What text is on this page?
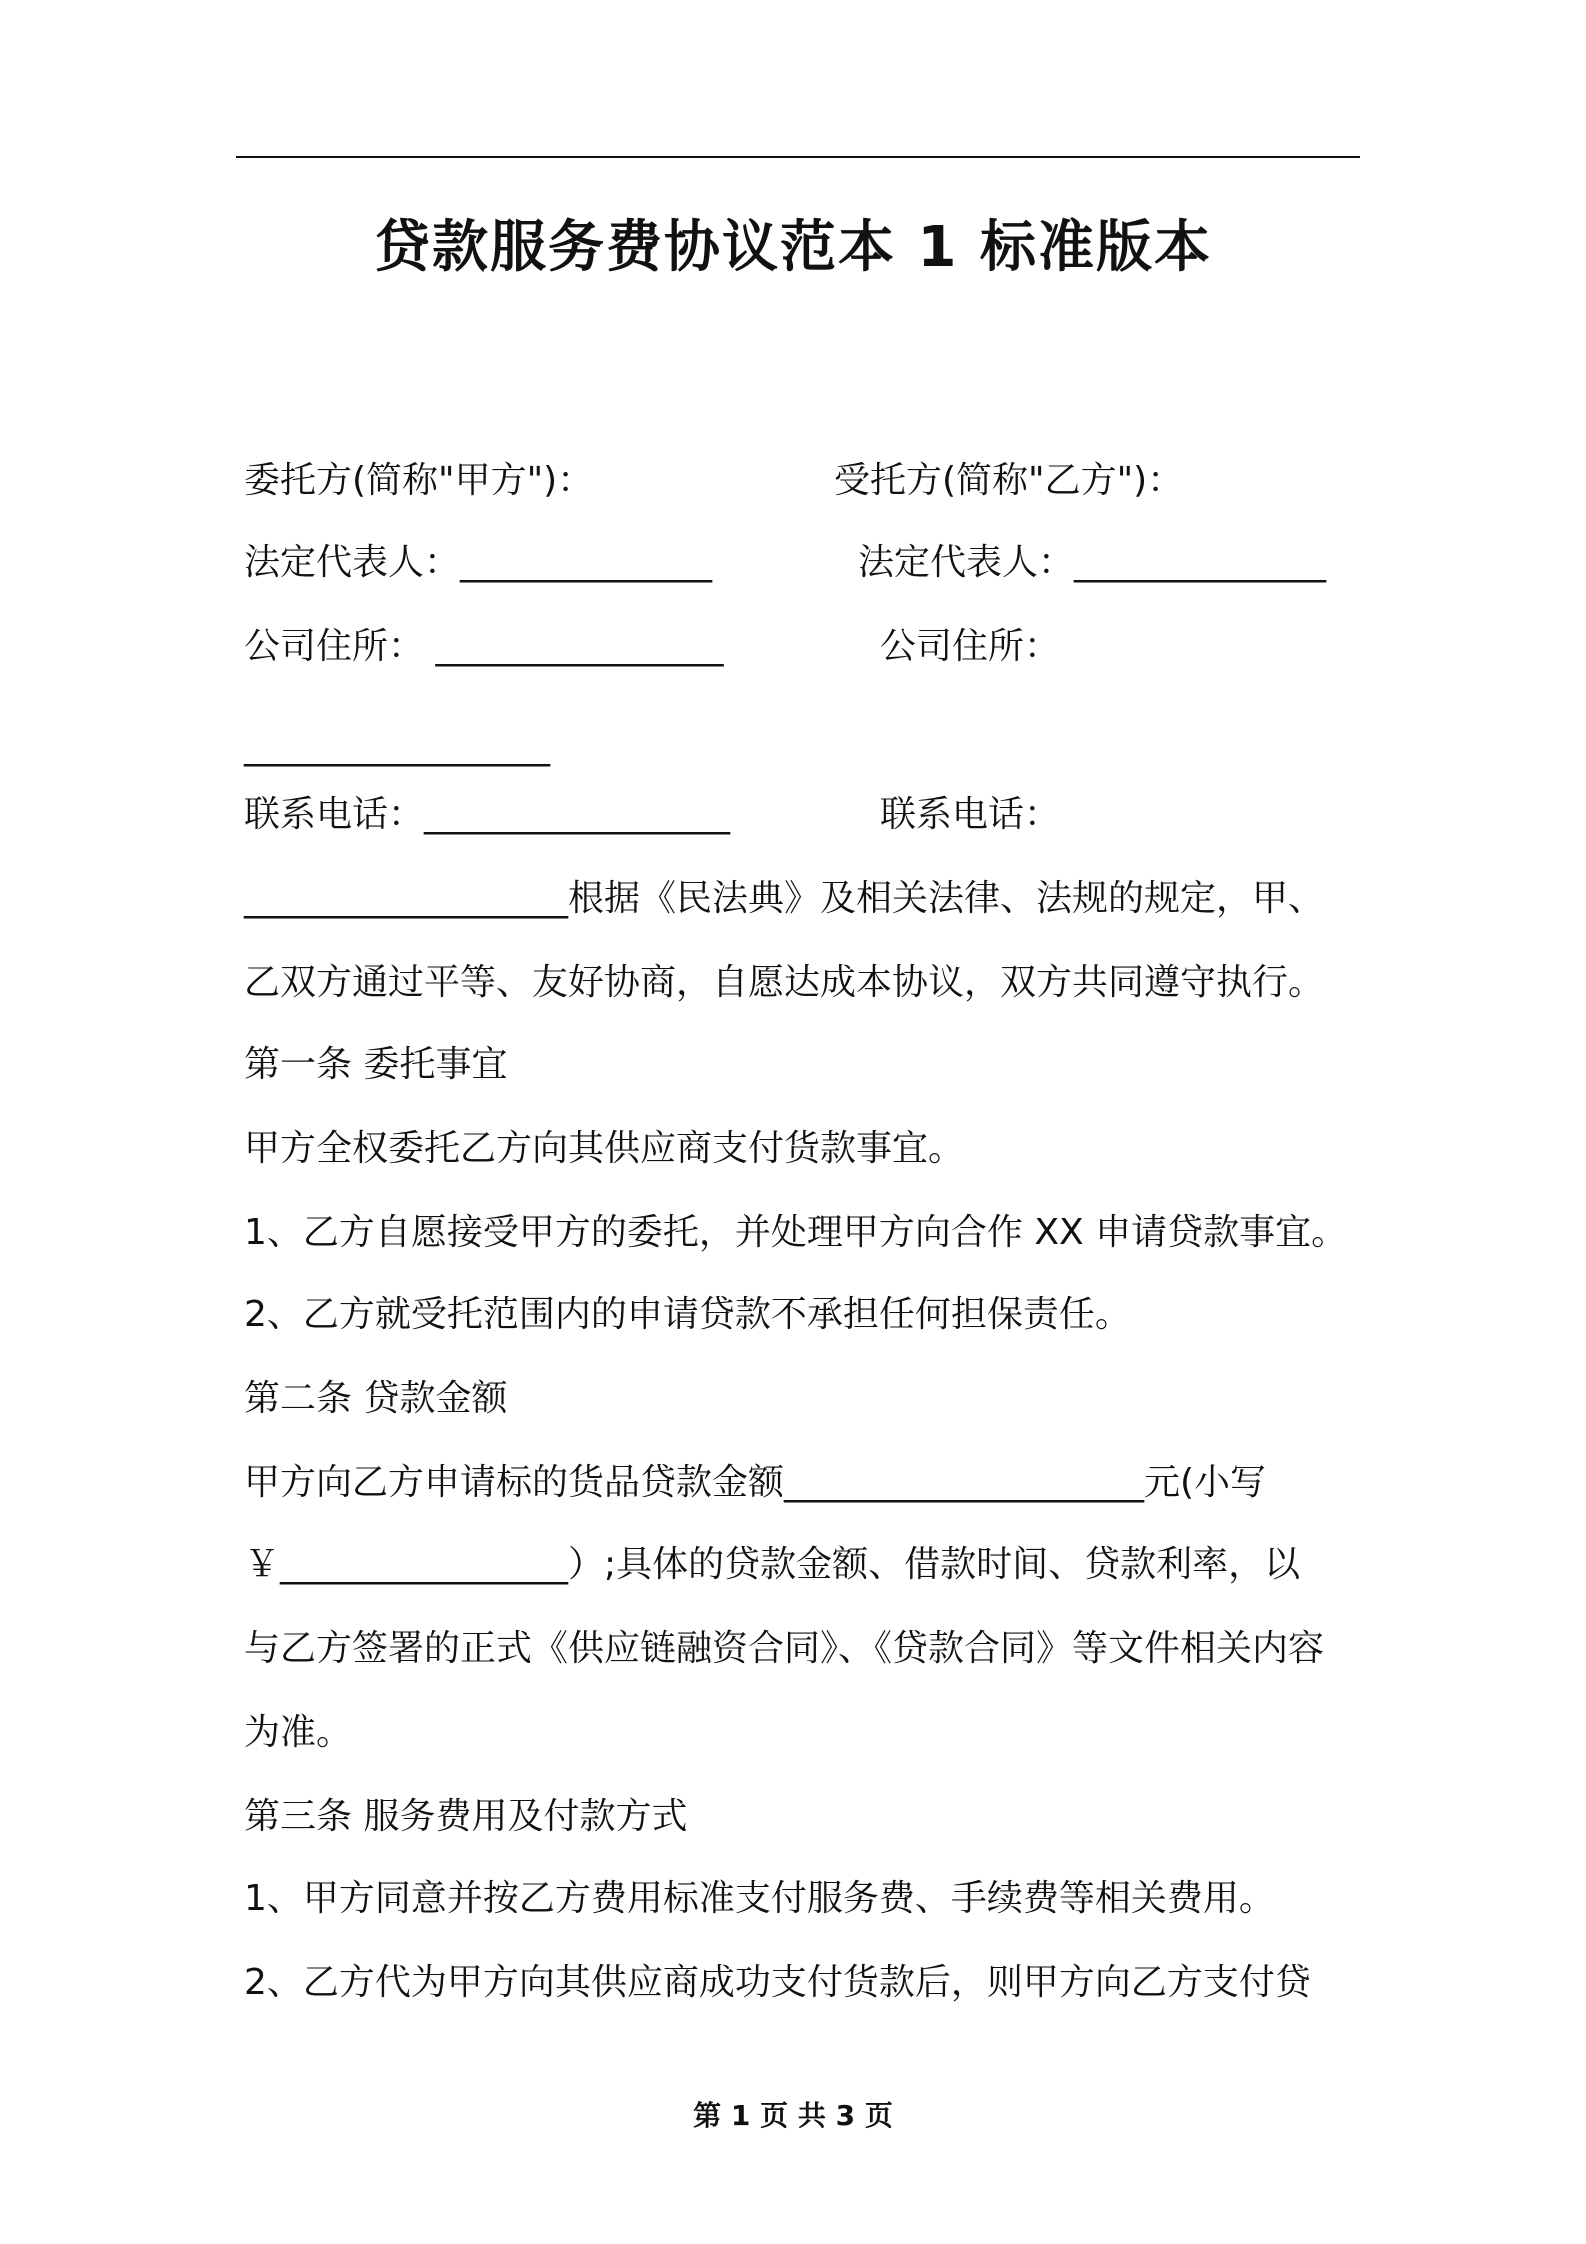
贷款服务费协议范本 1 标准版本
委托方(简称"甲方")：	受托方(简称"乙方")：
法定代表人：______________	法定代表人：______________
公司住所： ________________	公司住所：
_________________
联系电话：_________________	联系电话：
__________________根据《民法典》及相关法律、法规的规定，甲、
乙双方通过平等、友好协商，自愿达成本协议，双方共同遵守执行。
第一条 委托事宜
甲方全权委托乙方向其供应商支付货款事宜。
1、乙方自愿接受甲方的委托，并处理甲方向合作 XX 申请贷款事宜。
2、乙方就受托范围内的申请贷款不承担任何担保责任。
第二条 贷款金额
甲方向乙方申请标的货品贷款金额____________________元(小写
￥________________）;具体的贷款金额、借款时间、贷款利率，以
与乙方签署的正式《供应链融资合同》、《贷款合同》等文件相关内容
为准。
第三条 服务费用及付款方式
1、甲方同意并按乙方费用标准支付服务费、手续费等相关费用。
2、乙方代为甲方向其供应商成功支付货款后，则甲方向乙方支付贷
第 1 页 共 3 页
